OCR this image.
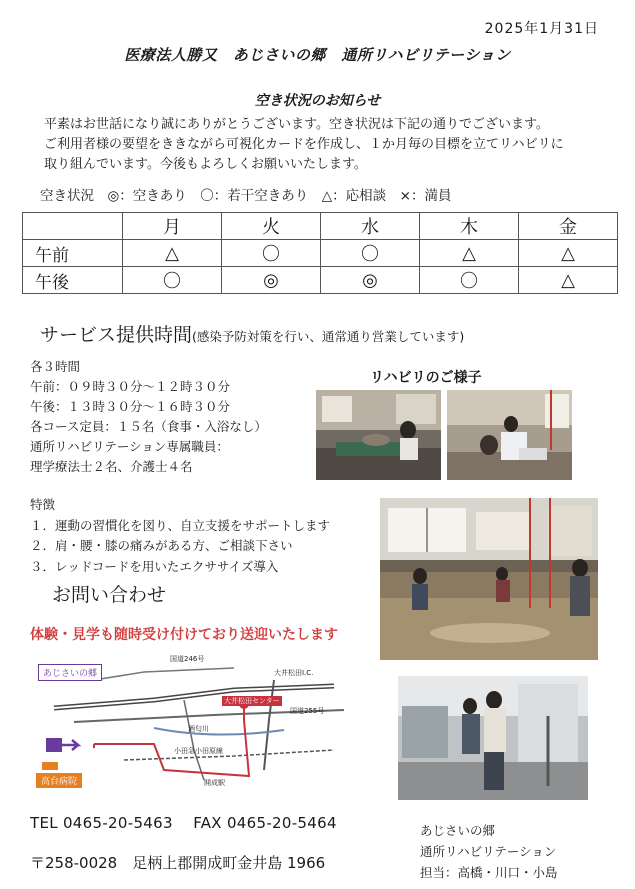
2025年1月31日
医療法人勝又　あじさいの郷　通所リハビリテーション
空き状況のお知らせ
平素はお世話になり誠にありがとうございます。空き状況は下記の通りでございます。
ご利用者様の要望をききながら可視化カードを作成し、１か月毎の目標を立てリハビリに
取り組んでいます。今後もよろしくお願いいたします。
空き状況　◎：空きあり　〇：若干空きあり　△：応相談　×：満員
	月	火	水	木	金
午前	△	〇	〇	△	△
午後	〇	◎	◎	〇	△
サービス提供時間(感染予防対策を行い、通常通り営業しています)
各３時間
午前：０９時３０分～１２時３０分
午後：１３時３０分～１６時３０分
各コース定員：１５名（食事・入浴なし）
通所リハビリテーション専属職員：
理学療法士２名、介護士４名
特徴
１．運動の習慣化を図り、自立支援をサポートします
２．肩・腰・膝の痛みがある方、ご相談下さい
３．レッドコードを用いたエクササイズ導入
リハビリのご様子
お問い合わせ
体験・見学も随時受け付けており送迎いたします
あじさいの郷
高台病院
国道246号
大井松田I.C.
大井松田センター
国道255号
酒匂川
小田急小田原線
開成駅
TEL 0465-20-5463　 FAX 0465-20-5464
〒258-0028　足柄上郡開成町金井島 1966
あじさいの郷
通所リハビリテーション
担当：高橋・川口・小島
